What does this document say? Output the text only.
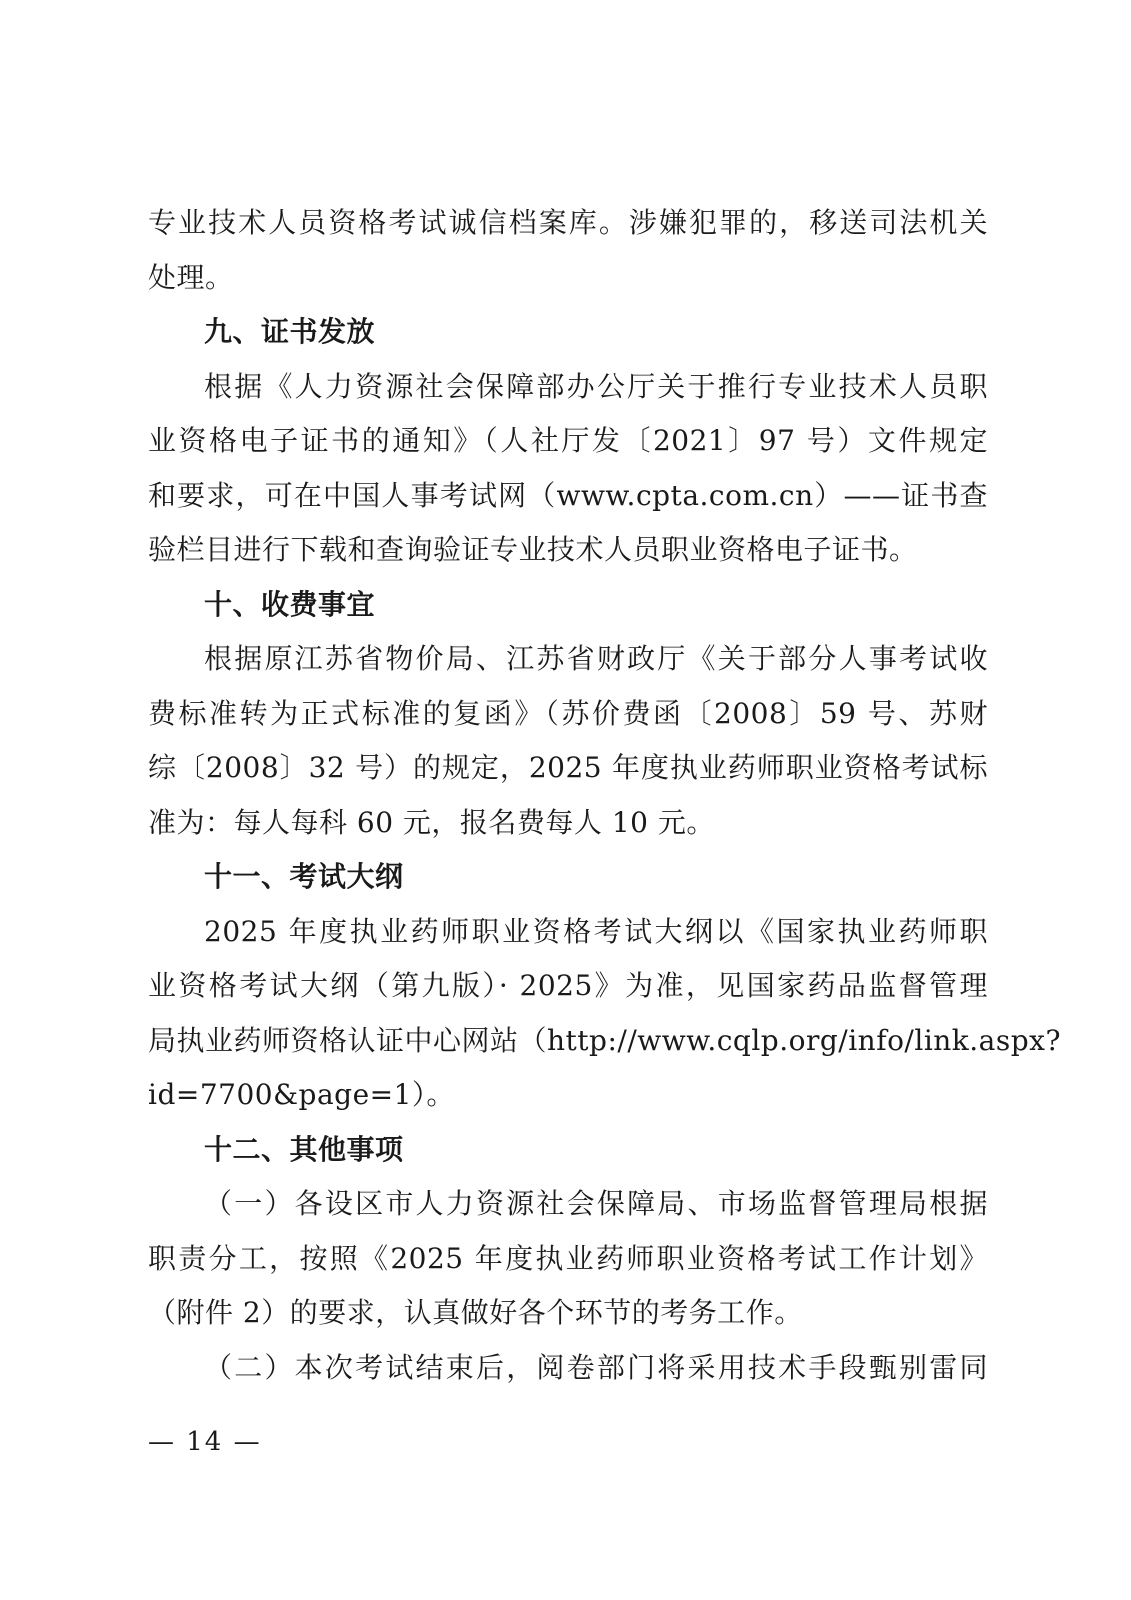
专业技术人员资格考试诚信档案库。涉嫌犯罪的，移送司法机关
处理。
九、证书发放
根据《人力资源社会保障部办公厅关于推行专业技术人员职
业资格电子证书的通知》（人社厅发〔2021〕97 号）文件规定
和要求，可在中国人事考试网（www.cpta.com.cn）——证书查
验栏目进行下载和查询验证专业技术人员职业资格电子证书。
十、收费事宜
根据原江苏省物价局、江苏省财政厅《关于部分人事考试收
费标准转为正式标准的复函》（苏价费函〔2008〕59 号、苏财
综〔2008〕32 号）的规定，2025 年度执业药师职业资格考试标
准为：每人每科 60 元，报名费每人 10 元。
十一、考试大纲
2025 年度执业药师职业资格考试大纲以《国家执业药师职
业资格考试大纲（第九版）· 2025》为准，见国家药品监督管理
局执业药师资格认证中心网站（http://www.cqlp.org/info/link.aspx?
id=7700&page=1）。
十二、其他事项
（一）各设区市人力资源社会保障局、市场监督管理局根据
职责分工，按照《2025 年度执业药师职业资格考试工作计划》
（附件 2）的要求，认真做好各个环节的考务工作。
（二）本次考试结束后，阅卷部门将采用技术手段甄别雷同
— 14 —
